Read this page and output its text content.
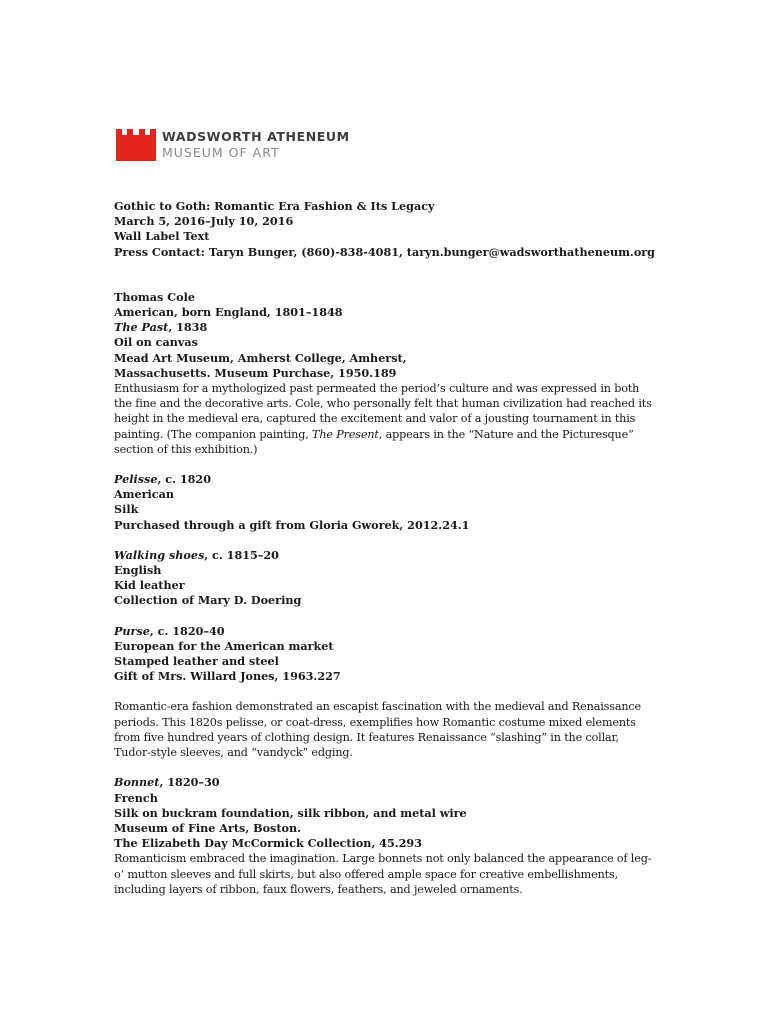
WADSWORTH ATHENEUM
MUSEUM OF ART
Gothic to Goth: Romantic Era Fashion & Its Legacy
March 5, 2016–July 10, 2016
Wall Label Text
Press Contact: Taryn Bunger, (860)-838-4081, taryn.bunger@wadsworthatheneum.org
Thomas Cole
American, born England, 1801–1848
The Past, 1838
Oil on canvas
Mead Art Museum, Amherst College, Amherst,
Massachusetts. Museum Purchase, 1950.189
Enthusiasm for a mythologized past permeated the period’s culture and was expressed in both the fine and the decorative arts. Cole, who personally felt that human civilization had reached its height in the medieval era, captured the excitement and valor of a jousting tournament in this painting. (The companion painting, The Present, appears in the “Nature and the Picturesque” section of this exhibition.)
Pelisse, c. 1820
American
Silk
Purchased through a gift from Gloria Gworek, 2012.24.1
Walking shoes, c. 1815–20
English
Kid leather
Collection of Mary D. Doering
Purse, c. 1820–40
European for the American market
Stamped leather and steel
Gift of Mrs. Willard Jones, 1963.227
Romantic-era fashion demonstrated an escapist fascination with the medieval and Renaissance periods. This 1820s pelisse, or coat-dress, exemplifies how Romantic costume mixed elements from five hundred years of clothing design. It features Renaissance “slashing” in the collar, Tudor-style sleeves, and “vandyck” edging.
Bonnet, 1820–30
French
Silk on buckram foundation, silk ribbon, and metal wire
Museum of Fine Arts, Boston.
The Elizabeth Day McCormick Collection, 45.293
Romanticism embraced the imagination. Large bonnets not only balanced the appearance of leg-o’ mutton sleeves and full skirts, but also offered ample space for creative embellishments, including layers of ribbon, faux flowers, feathers, and jeweled ornaments.
